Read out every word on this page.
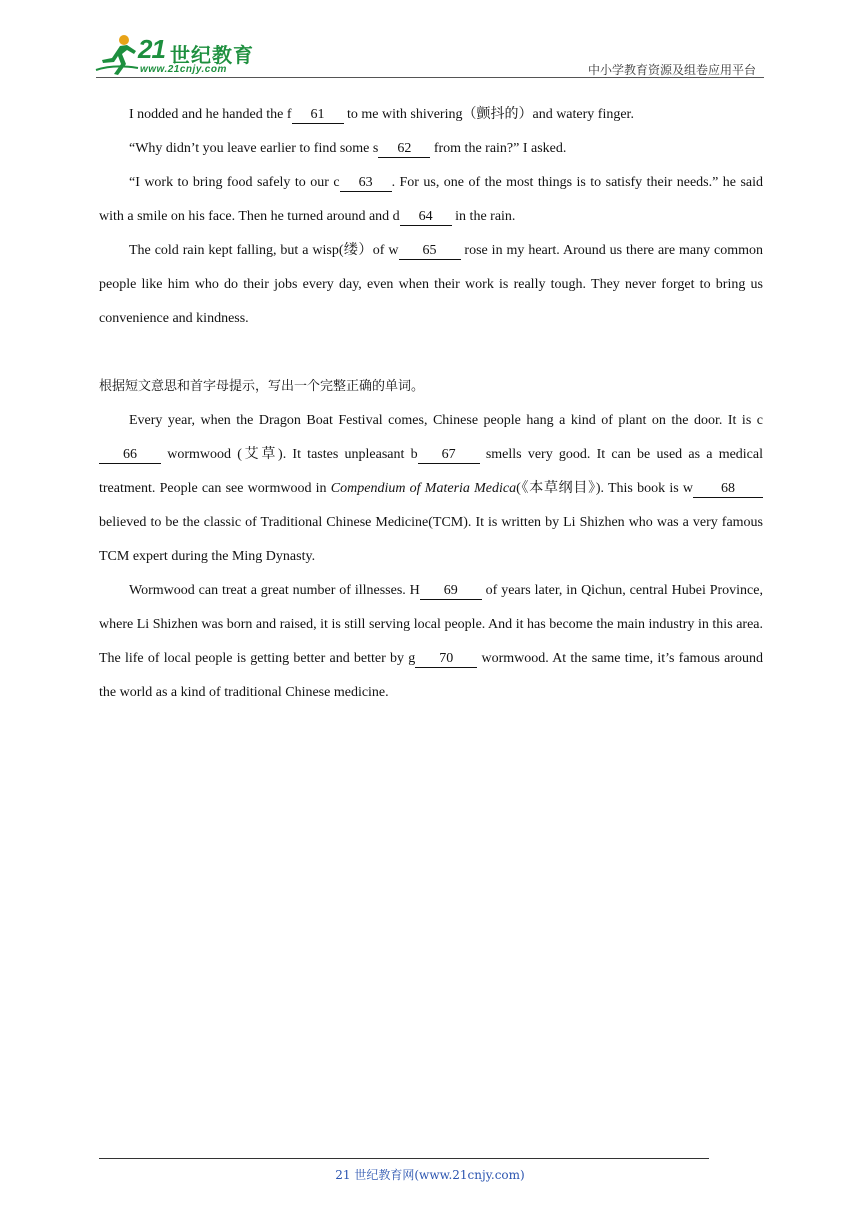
21 世纪教育
www.21cnjy.com	中小学教育资源及组卷应用平台

I nodded and he handed the f 61 to me with shivering（颤抖的）and watery finger.

“Why didn’t you leave earlier to find some s 62 from the rain?” I asked.

“I work to bring food safely to our c 63 . For us, one of the most things is to satisfy their needs.” he said with a smile on his face. Then he turned around and d 64 in the rain.

The cold rain kept falling, but a wisp(缕）of w 65 rose in my heart. Around us there are many common people like him who do their jobs every day, even when their work is really tough. They never forget to bring us convenience and kindness.

根据短文意思和首字母提示，写出一个完整正确的单词。

Every year, when the Dragon Boat Festival comes, Chinese people hang a kind of plant on the door. It is c66 wormwood (艾草). It tastes unpleasant b 67 smells very good. It can be used as a medical treatment. People can see wormwood in Compendium of Materia Medica(《本草纲目》). This book is w 68 believed to be the classic of Traditional Chinese Medicine(TCM). It is written by Li Shizhen who was a very famous TCM expert during the Ming Dynasty.

Wormwood can treat a great number of illnesses. H 69 of years later, in Qichun, central Hubei Province, where Li Shizhen was born and raised, it is still serving local people. And it has become the main industry in this area. The life of local people is getting better and better by g 70 wormwood. At the same time, it’s famous around the world as a kind of traditional Chinese medicine.

21 世纪教育网(www.21cnjy.com)
